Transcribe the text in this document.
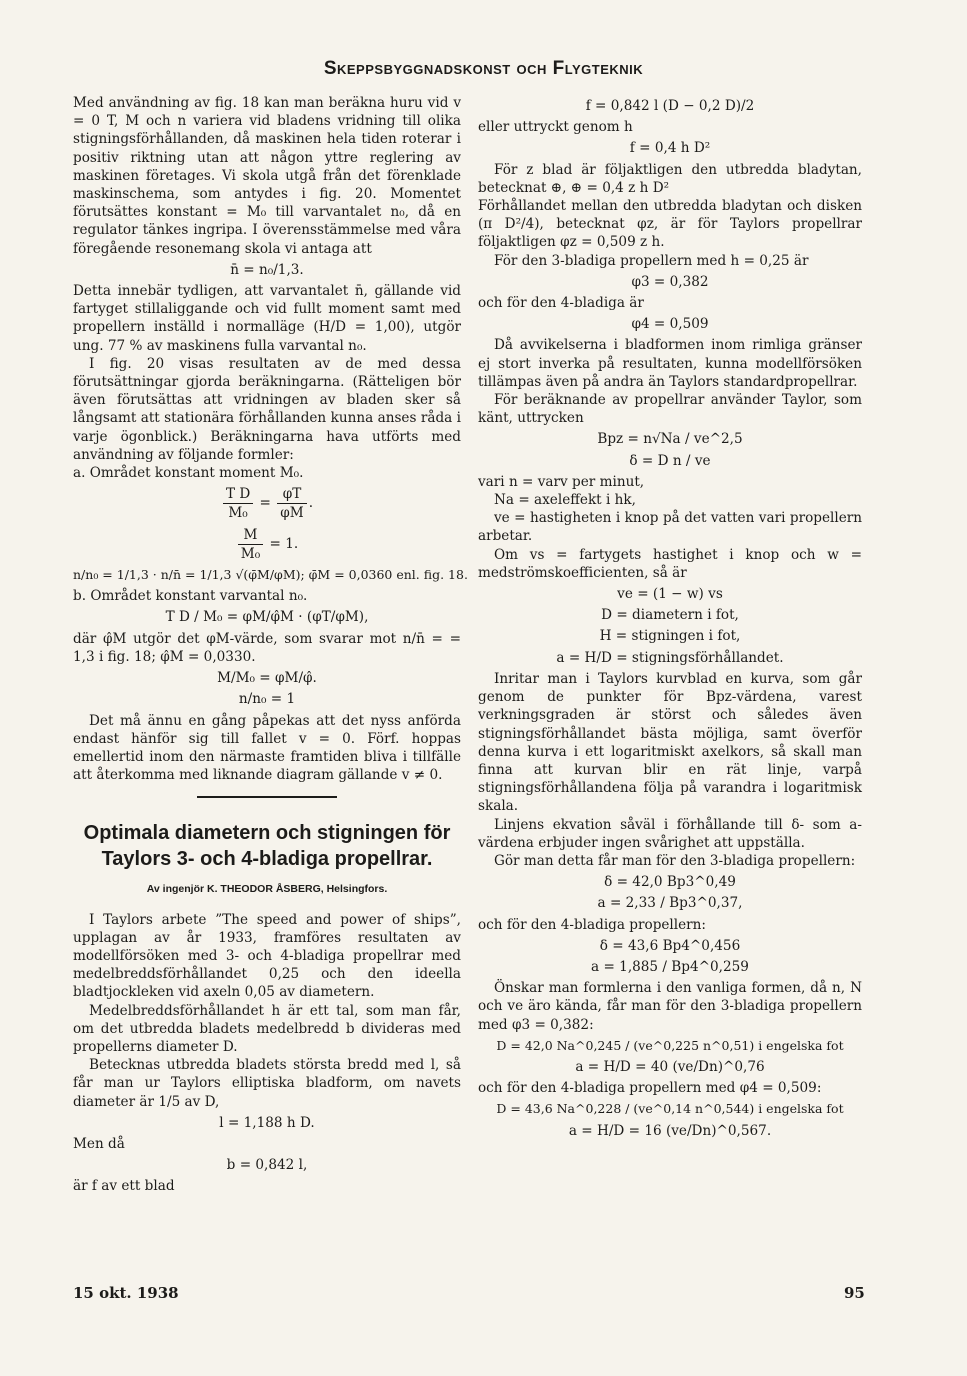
Skeppsbyggnadskonst och Flygteknik

Med användning av fig. 18 kan man beräkna huru vid v = 0 T, M och n variera vid bladens vridning till olika stigningsförhållanden, då maskinen hela tiden roterar i positiv riktning utan att någon yttre reglering av maskinen företages. Vi skola utgå från det förenklade maskinschema, som antydes i fig. 20. Momentet förutsättes konstant = M₀ till varvantalet n₀, då en regulator tänkes ingripa. I överensstämmelse med våra föregående resonemang skola vi antaga att

n̄ = n₀/1,3.

Detta innebär tydligen, att varvantalet n̄, gällande vid fartyget stillaliggande och vid fullt moment samt med propellern inställd i normalläge (H/D = 1,00), utgör ung. 77 % av maskinens fulla varvantal n₀.

I fig. 20 visas resultaten av de med dessa förutsättningar gjorda beräkningarna. (Rätteligen bör även förutsättas att vridningen av bladen sker så långsamt att stationära förhållanden kunna anses råda i varje ögonblick.) Beräkningarna hava utförts med användning av följande formler:

a. Området konstant moment M₀.

$\frac{\text{T D}}{\text{M₀}} = \frac{\varphi T}{\varphi M}$ .
$\frac{M}{\text{M₀}} = 1$.
n/n₀ = 1/1,3 · n/n̄ = 1/1,3 √(φ̄M/φM); φ̄M = 0,0360 enl. fig. 18.

b. Området konstant varvantal n₀.

T D / M₀ = φM/φ̂M · (φT/φM),

där φ̂M utgör det φM-värde, som svarar mot n/n̄ = = 1,3 i fig. 18; φ̂M = 0,0330.

M/M₀ = φM/φ̂.
n/n₀ = 1

Det må ännu en gång påpekas att det nyss anförda endast hänför sig till fallet v = 0. Förf. hoppas emellertid inom den närmaste framtiden bliva i tillfälle att återkomma med liknande diagram gällande v ≠ 0.

Optimala diametern och stigningen för Taylors 3- och 4-bladiga propellrar.
Av ingenjör K. THEODOR ÅSBERG, Helsingfors.

I Taylors arbete ”The speed and power of ships”, upplagan av år 1933, framföres resultaten av modellförsöken med 3- och 4-bladiga propellrar med medelbreddsförhållandet 0,25 och den ideella bladtjockleken vid axeln 0,05 av diametern.

Medelbreddsförhållandet h är ett tal, som man får, om det utbredda bladets medelbredd b divideras med propellerns diameter D.

Betecknas utbredda bladets största bredd med l, så får man ur Taylors elliptiska bladform, om navets diameter är 1/5 av D,

l = 1,188 h D.

Men då

b = 0,842 l,

är f av ett blad

f = 0,842 l (D − 0,2 D)/2

eller uttryckt genom h

f = 0,4 h D²

För z blad är följaktligen den utbredda bladytan, betecknat ⊕, ⊕ = 0,4 z h D²

Förhållandet mellan den utbredda bladytan och disken (π D²/4), betecknat φz, är för Taylors propellrar följaktligen φz = 0,509 z h.

För den 3-bladiga propellern med h = 0,25 är

φ3 = 0,382

och för den 4-bladiga är

φ4 = 0,509

Då avvikelserna i bladformen inom rimliga gränser ej stort inverka på resultaten, kunna modellförsöken tillämpas även på andra än Taylors standardpropellrar.

För beräknande av propellrar använder Taylor, som känt, uttrycken

Bpz = n√Na / ve^2,5
δ = D n / ve

vari n = varv per minut,

Na = axeleffekt i hk,

ve = hastigheten i knop på det vatten vari propellern arbetar.

Om vs = fartygets hastighet i knop och w = medströmskoefficienten, så är

ve = (1 − w) vs
D = diametern i fot,
H = stigningen i fot,
a = H/D = stigningsförhållandet.

Inritar man i Taylors kurvblad en kurva, som går genom de punkter för Bpz-värdena, varest verkningsgraden är störst och således även stigningsförhållandet bästa möjliga, samt överför denna kurva i ett logaritmiskt axelkors, så skall man finna att kurvan blir en rät linje, varpå stigningsförhållandena följa på varandra i logaritmisk skala.

Linjens ekvation såväl i förhållande till δ- som a-värdena erbjuder ingen svårighet att uppställa.

Gör man detta får man för den 3-bladiga propellern:

δ = 42,0 Bp3^0,49
a = 2,33 / Bp3^0,37,

och för den 4-bladiga propellern:

δ = 43,6 Bp4^0,456
a = 1,885 / Bp4^0,259

Önskar man formlerna i den vanliga formen, då n, N och ve äro kända, får man för den 3-bladiga propellern med φ3 = 0,382:

D = 42,0 Na^0,245 / (ve^0,225 n^0,51) i engelska fot
a = H/D = 40 (ve/Dn)^0,76

och för den 4-bladiga propellern med φ4 = 0,509:

D = 43,6 Na^0,228 / (ve^0,14 n^0,544) i engelska fot
a = H/D = 16 (ve/Dn)^0,567.
15 okt. 1938	95
